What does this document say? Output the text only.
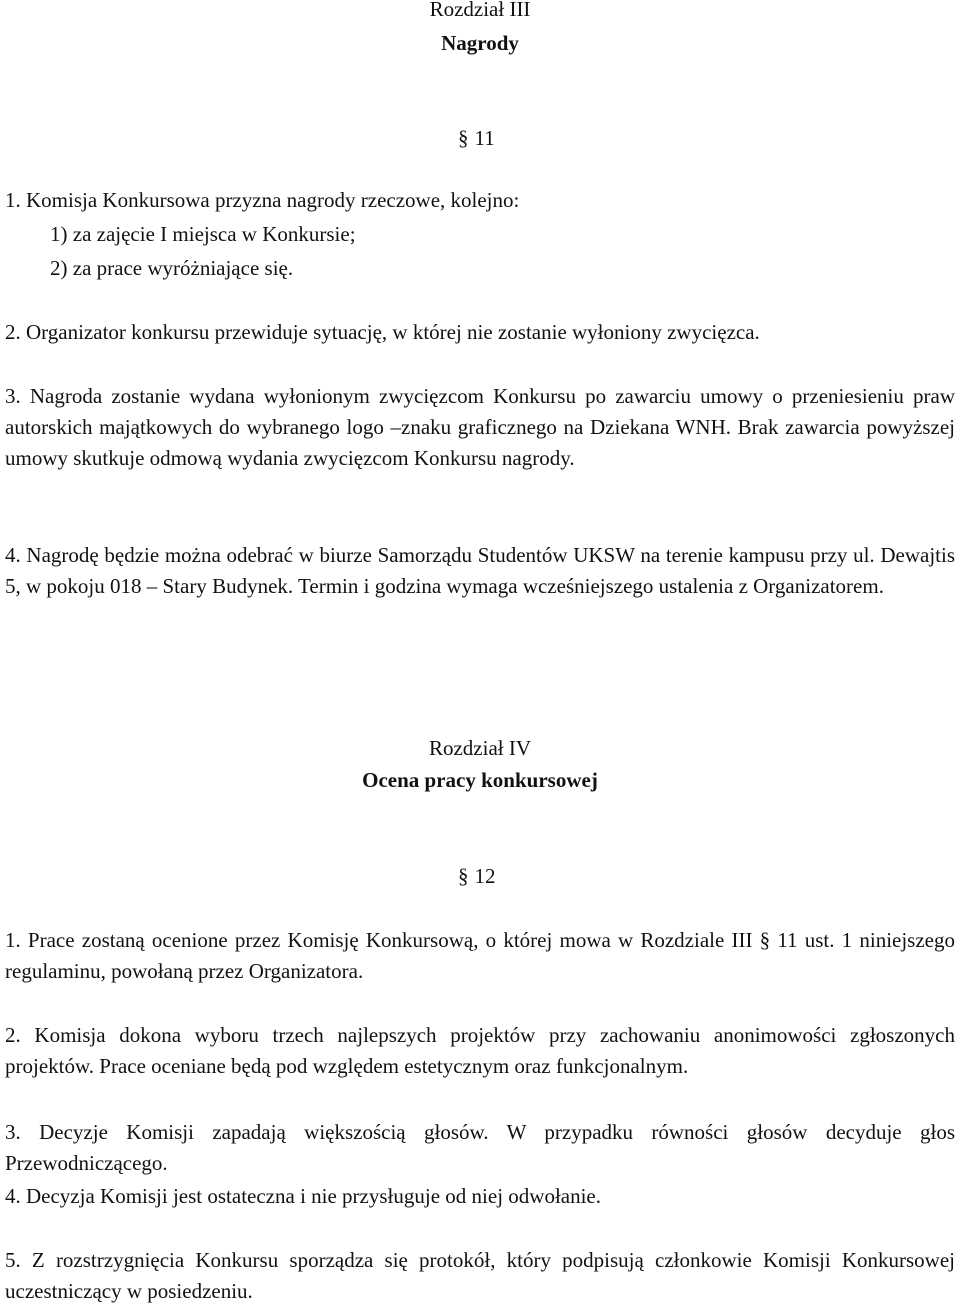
Rozdział III
Nagrody
§ 11
1. Komisja Konkursowa przyzna nagrody rzeczowe, kolejno:
1) za zajęcie I miejsca w Konkursie;
2) za prace wyróżniające się.
2. Organizator konkursu przewiduje sytuację, w której nie zostanie wyłoniony zwycięzca.
3. Nagroda zostanie wydana wyłonionym zwycięzcom Konkursu po zawarciu umowy o przeniesieniu praw autorskich majątkowych do wybranego logo –znaku graficznego na Dziekana WNH. Brak zawarcia powyższej umowy skutkuje odmową wydania zwycięzcom Konkursu nagrody.
4. Nagrodę będzie można odebrać w biurze Samorządu Studentów UKSW na terenie kampusu przy ul. Dewajtis 5, w pokoju 018 – Stary Budynek. Termin i godzina wymaga wcześniejszego ustalenia z Organizatorem.
Rozdział IV
Ocena pracy konkursowej
§ 12
1. Prace zostaną ocenione przez Komisję Konkursową, o której mowa w Rozdziale III § 11 ust. 1 niniejszego regulaminu, powołaną przez Organizatora.
2. Komisja dokona wyboru trzech najlepszych projektów przy zachowaniu anonimowości zgłoszonych projektów. Prace oceniane będą pod względem estetycznym oraz funkcjonalnym.
3. Decyzje Komisji zapadają większością głosów. W przypadku równości głosów decyduje głos Przewodniczącego.
4. Decyzja Komisji jest ostateczna i nie przysługuje od niej odwołanie.
5. Z rozstrzygnięcia Konkursu sporządza się protokół, który podpisują członkowie Komisji Konkursowej uczestniczący w posiedzeniu.
